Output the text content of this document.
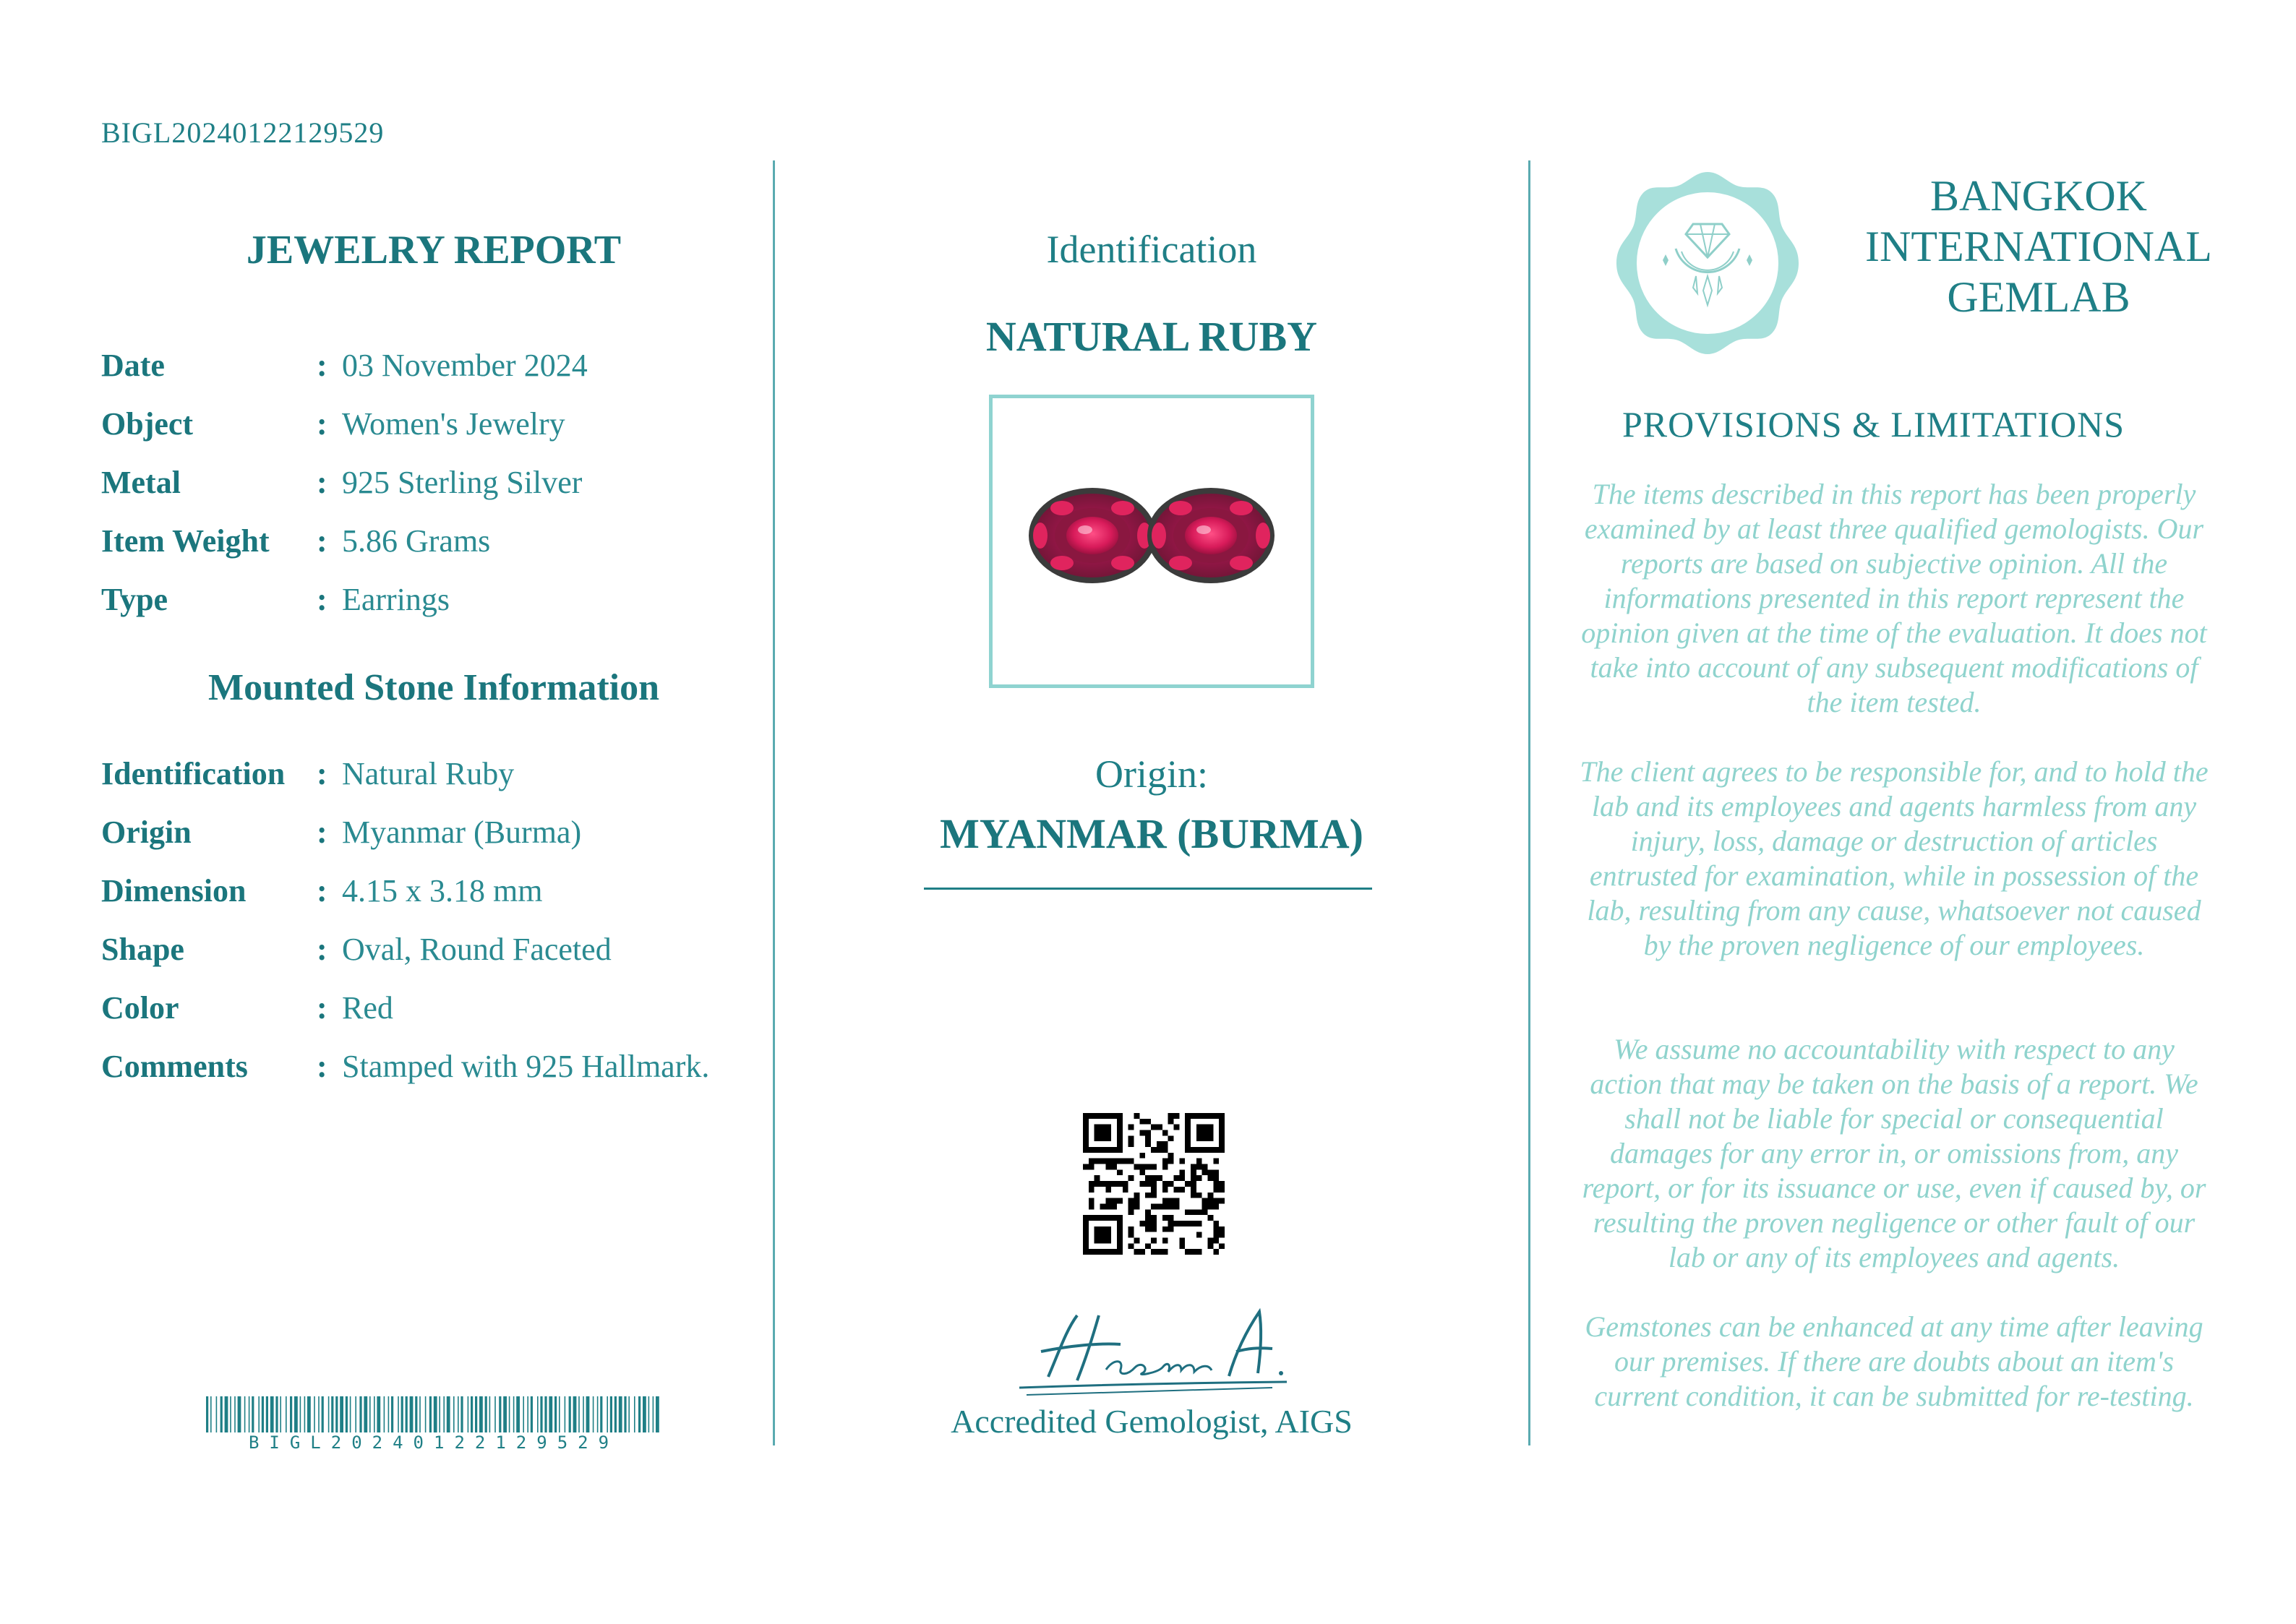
BIGL20240122129529
JEWELRY REPORT
Date	: 03 November 2024
Object	: Women's Jewelry
Metal	: 925 Sterling Silver
Item Weight : 5.86 Grams
Type	: Earrings
Mounted Stone Information
Identification : Natural Ruby
Origin	: Myanmar (Burma)
Dimension : 4.15 x 3.18 mm
Shape	: Oval, Round Faceted
Color	: Red
Comments : Stamped with 925 Hallmark.
BIGL20240122129529
Identification
NATURAL RUBY
Origin:
MYANMAR (BURMA)
Accredited Gemologist, AIGS
BANGKOK
INTERNATIONAL
GEMLAB
PROVISIONS & LIMITATIONS
The items described in this report has been properly examined by at least three qualified gemologists. Our reports are based on subjective opinion. All the informations presented in this report represent the opinion given at the time of the evaluation. It does not take into account of any subsequent modifications of the item tested.
The client agrees to be responsible for, and to hold the lab and its employees and agents harmless from any injury, loss, damage or destruction of articles entrusted for examination, while in possession of the lab, resulting from any cause, whatsoever not caused by the proven negligence of our employees.
We assume no accountability with respect to any action that may be taken on the basis of a report. We shall not be liable for special or consequential damages for any error in, or omissions from, any report, or for its issuance or use, even if caused by, or resulting the proven negligence or other fault of our lab or any of its employees and agents.
Gemstones can be enhanced at any time after leaving our premises. If there are doubts about an item's current condition, it can be submitted for re-testing.
